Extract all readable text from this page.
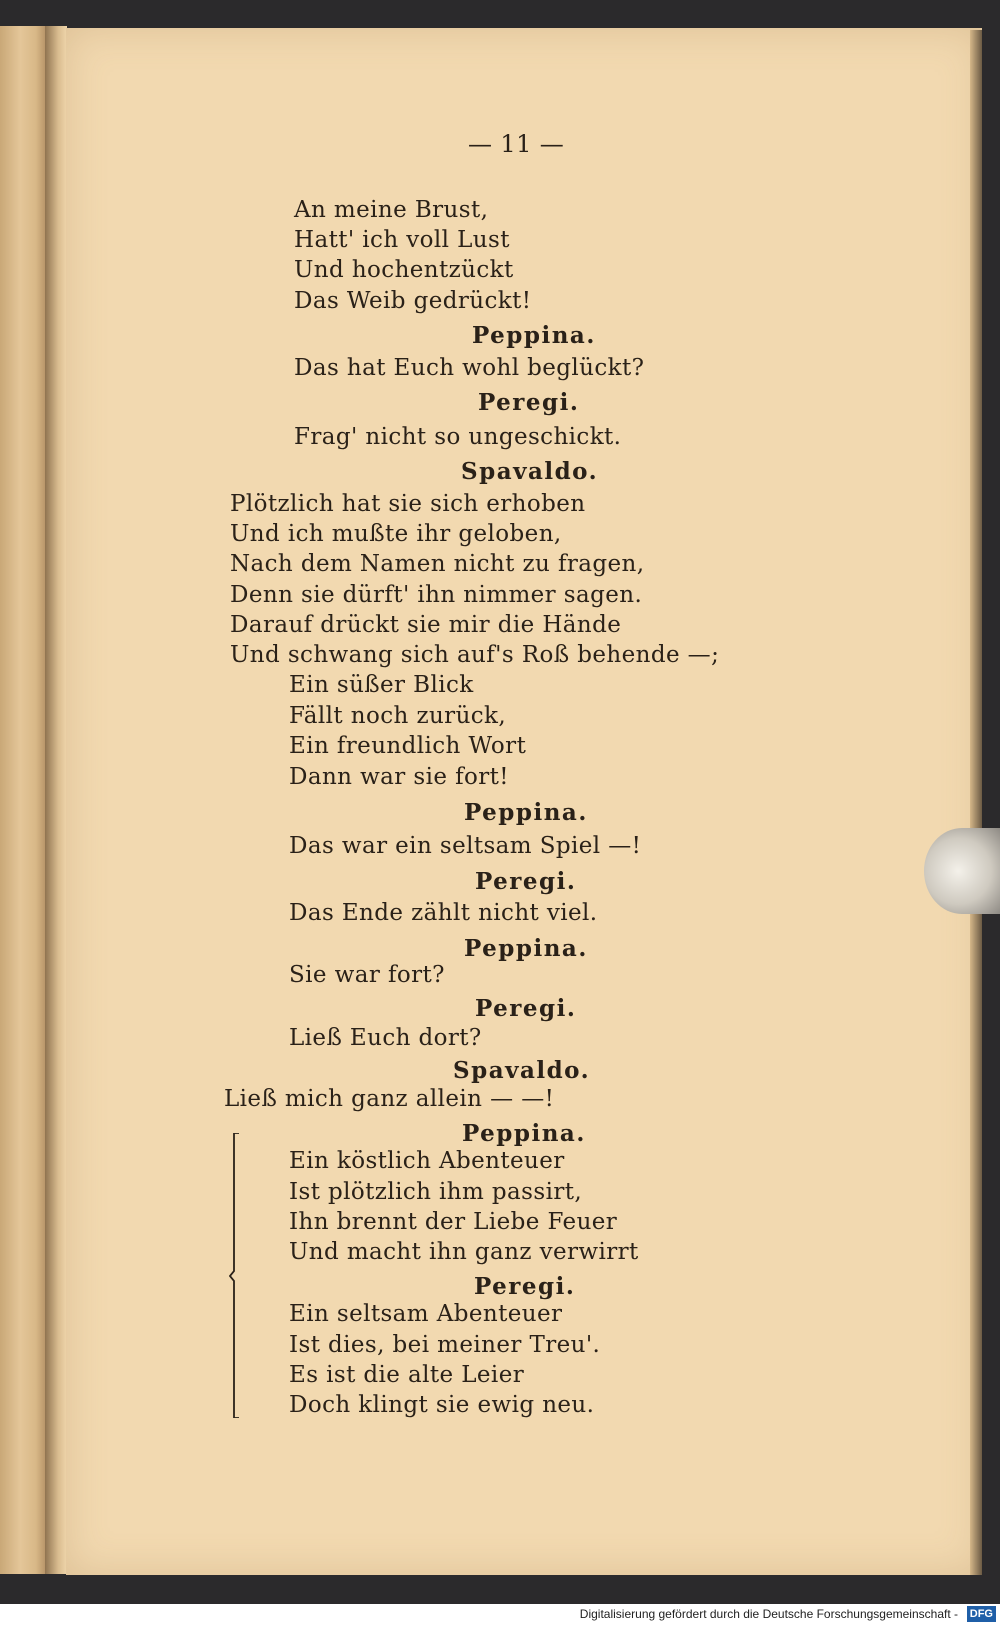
— 11 —
An meine Brust,
Hatt' ich voll Lust
Und hochentzückt
Das Weib gedrückt!
Peppina.
Das hat Euch wohl beglückt?
Peregi.
Frag' nicht so ungeschickt.
Spavaldo.
Plötzlich hat sie sich erhoben
Und ich mußte ihr geloben,
Nach dem Namen nicht zu fragen,
Denn sie dürft' ihn nimmer sagen.
Darauf drückt sie mir die Hände
Und schwang sich auf's Roß behende —;
Ein süßer Blick
Fällt noch zurück,
Ein freundlich Wort
Dann war sie fort!
Peppina.
Das war ein seltsam Spiel —!
Peregi.
Das Ende zählt nicht viel.
Peppina.
Sie war fort?
Peregi.
Ließ Euch dort?
Spavaldo.
Ließ mich ganz allein — —!
Peppina.
Ein köstlich Abenteuer
Ist plötzlich ihm passirt,
Ihn brennt der Liebe Feuer
Und macht ihn ganz verwirrt
Peregi.
Ein seltsam Abenteuer
Ist dies, bei meiner Treu'.
Es ist die alte Leier
Doch klingt sie ewig neu.
Digitalisierung gefördert durch die Deutsche Forschungsgemeinschaft - DFG
